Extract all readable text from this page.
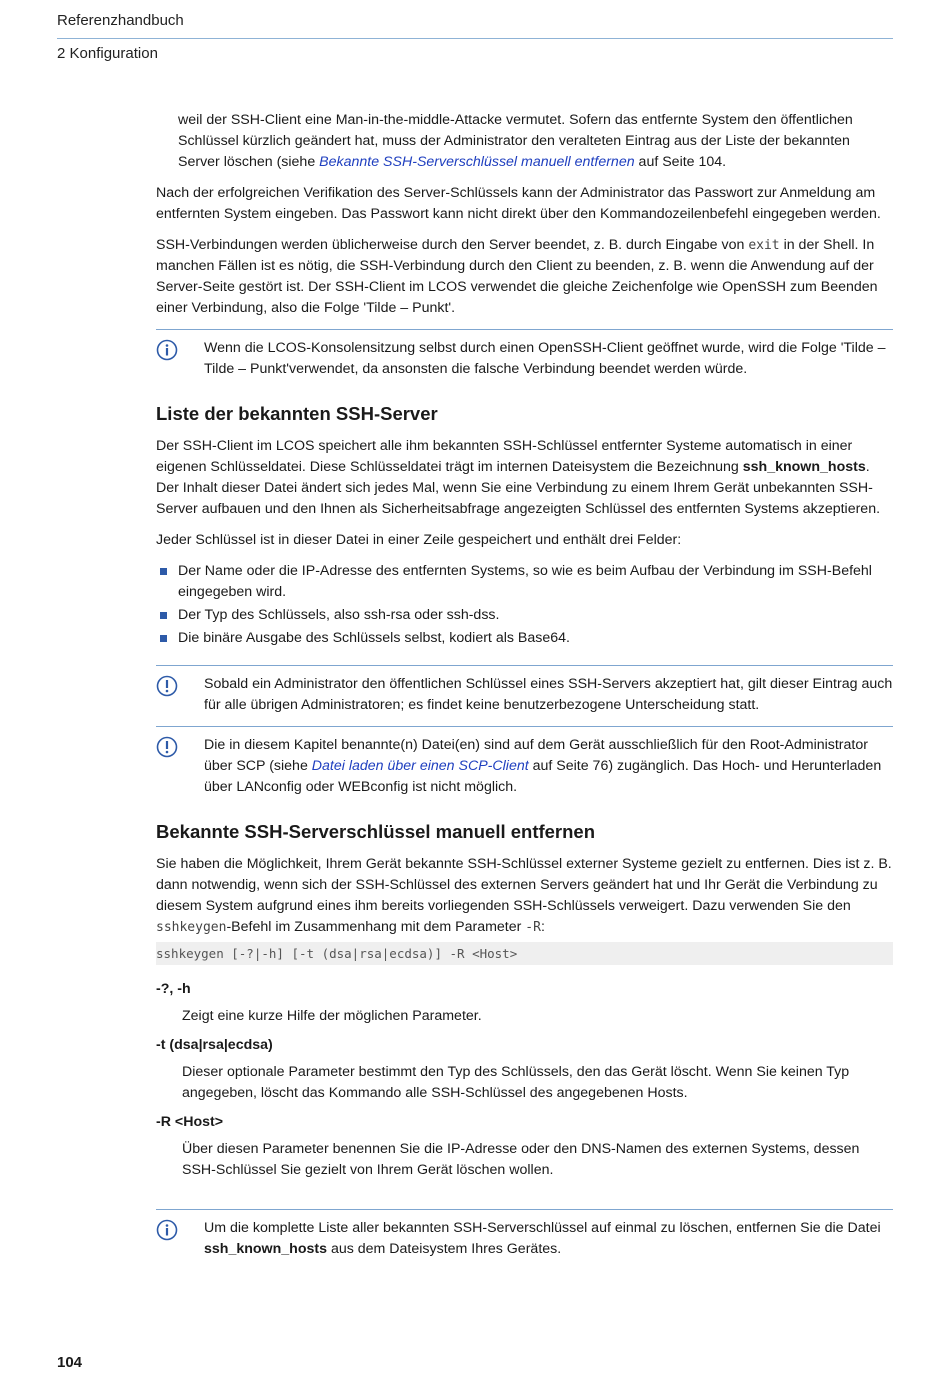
Referenzhandbuch
2 Konfiguration

weil der SSH-Client eine Man-in-the-middle-Attacke vermutet. Sofern das entfernte System den öffentlichen Schlüssel kürzlich geändert hat, muss der Administrator den veralteten Eintrag aus der Liste der bekannten Server löschen (siehe Bekannte SSH-Serverschlüssel manuell entfernen auf Seite 104.

Nach der erfolgreichen Verifikation des Server-Schlüssels kann der Administrator das Passwort zur Anmeldung am entfernten System eingeben. Das Passwort kann nicht direkt über den Kommandozeilenbefehl eingegeben werden.

SSH-Verbindungen werden üblicherweise durch den Server beendet, z. B. durch Eingabe von exit in der Shell. In manchen Fällen ist es nötig, die SSH-Verbindung durch den Client zu beenden, z. B. wenn die Anwendung auf der Server-Seite gestört ist. Der SSH-Client im LCOS verwendet die gleiche Zeichenfolge wie OpenSSH zum Beenden einer Verbindung, also die Folge 'Tilde – Punkt'.

Wenn die LCOS-Konsolensitzung selbst durch einen OpenSSH-Client geöffnet wurde, wird die Folge 'Tilde – Tilde – Punkt'verwendet, da ansonsten die falsche Verbindung beendet werden würde.
Liste der bekannten SSH-Server

Der SSH-Client im LCOS speichert alle ihm bekannten SSH-Schlüssel entfernter Systeme automatisch in einer eigenen Schlüsseldatei. Diese Schlüsseldatei trägt im internen Dateisystem die Bezeichnung ssh_known_hosts. Der Inhalt dieser Datei ändert sich jedes Mal, wenn Sie eine Verbindung zu einem Ihrem Gerät unbekannten SSH-Server aufbauen und den Ihnen als Sicherheitsabfrage angezeigten Schlüssel des entfernten Systems akzeptieren.

Jeder Schlüssel ist in dieser Datei in einer Zeile gespeichert und enthält drei Felder:

Der Name oder die IP-Adresse des entfernten Systems, so wie es beim Aufbau der Verbindung im SSH-Befehl eingegeben wird.
Der Typ des Schlüssels, also ssh-rsa oder ssh-dss.
Die binäre Ausgabe des Schlüssels selbst, kodiert als Base64.
Sobald ein Administrator den öffentlichen Schlüssel eines SSH-Servers akzeptiert hat, gilt dieser Eintrag auch für alle übrigen Administratoren; es findet keine benutzerbezogene Unterscheidung statt.
Die in diesem Kapitel benannte(n) Datei(en) sind auf dem Gerät ausschließlich für den Root-Administrator über SCP (siehe Datei laden über einen SCP-Client auf Seite 76) zugänglich. Das Hoch- und Herunterladen über LANconfig oder WEBconfig ist nicht möglich.
Bekannte SSH-Serverschlüssel manuell entfernen

Sie haben die Möglichkeit, Ihrem Gerät bekannte SSH-Schlüssel externer Systeme gezielt zu entfernen. Dies ist z. B. dann notwendig, wenn sich der SSH-Schlüssel des externen Servers geändert hat und Ihr Gerät die Verbindung zu diesem System aufgrund eines ihm bereits vorliegenden SSH-Schlüssels verweigert. Dazu verwenden Sie den sshkeygen-Befehl im Zusammenhang mit dem Parameter -R:

sshkeygen [-?|-h] [-t (dsa|rsa|ecdsa)] -R <Host>
-?, -h
Zeigt eine kurze Hilfe der möglichen Parameter.
-t (dsa|rsa|ecdsa)
Dieser optionale Parameter bestimmt den Typ des Schlüssels, den das Gerät löscht. Wenn Sie keinen Typ angegeben, löscht das Kommando alle SSH-Schlüssel des angegebenen Hosts.
-R <Host>
Über diesen Parameter benennen Sie die IP-Adresse oder den DNS-Namen des externen Systems, dessen SSH-Schlüssel Sie gezielt von Ihrem Gerät löschen wollen.
Um die komplette Liste aller bekannten SSH-Serverschlüssel auf einmal zu löschen, entfernen Sie die Datei ssh_known_hosts aus dem Dateisystem Ihres Gerätes.
104
